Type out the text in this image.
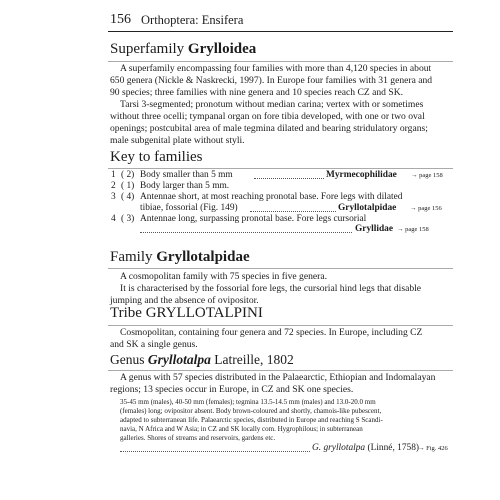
156 Orthoptera: Ensifera
Superfamily Grylloidea
A superfamily encompassing four families with more than 4,120 species in about
650 genera (Nickle & Naskrecki, 1997). In Europe four families with 31 genera and
90 species; three families with nine genera and 10 species reach CZ and SK.
Tarsi 3-segmented; pronotum without median carina; vertex with or sometimes
without three ocelli; tympanal organ on fore tibia developed, with one or two oval
openings; postcubital area of male tegmina dilated and bearing stridulatory organs;
male subgenital plate without styli.
Key to families
1 ( 2) Body smaller than 5 mm	Myrmecophilidae → page 158
2 ( 1) Body larger than 5 mm.
3 ( 4) Antennae short, at most reaching pronotal base. Fore legs with dilated
tibiae, fossorial (Fig. 149)	Gryllotalpidae → page 156
4 ( 3) Antennae long, surpassing pronotal base. Fore legs cursorial
Gryllidae → page 158
Family Gryllotalpidae
A cosmopolitan family with 75 species in five genera.
It is characterised by the fossorial fore legs, the cursorial hind legs that disable
jumping and the absence of ovipositor.
Tribe GRYLLOTALPINI
Cosmopolitan, containing four genera and 72 species. In Europe, including CZ
and SK a single genus.
Genus Gryllotalpa Latreille, 1802
A genus with 57 species distributed in the Palaearctic, Ethiopian and Indomalayan
regions; 13 species occur in Europe, in CZ and SK one species.
35-45 mm (males), 40-50 mm (females); tegmina 13.5-14.5 mm (males) and 13.0-20.0 mm
(females) long; ovipositor absent. Body brown-coloured and shortly, chamois-like pubescent,
adapted to subterranean life. Palaearctic species, distributed in Europe and reaching S Scandi-
navia, N Africa and W Asia; in CZ and SK locally com. Hygrophilous; in subterranean
galleries. Shores of streams and reservoirs, gardens etc.
G. gryllotalpa (Linné, 1758)
→ Fig. 426
